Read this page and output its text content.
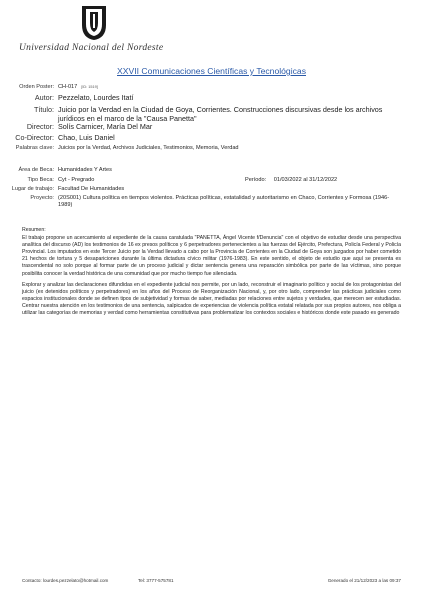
Universidad Nacional del Nordeste
XXVII Comunicaciones Científicas y Tecnológicas
Orden Poster: CH-017 [ID: 1519]
Autor: Pezzelato, Lourdes Itatí
Título: Juicio por la Verdad en la Ciudad de Goya, Corrientes. Construcciones discursivas desde los archivos jurídicos en el marco de la "Causa Panetta"
Director: Solís Carnicer, María Del Mar
Co-Director: Chao, Luis Daniel
Palabras clave: Juicios por la Verdad, Archivos Judiciales, Testimonios, Memoria, Verdad
Área de Beca: Humanidades Y Artes
Tipo Beca: Cyt - Pregrado	Período: 01/03/2022 al 31/12/2022
Lugar de trabajo: Facultad De Humanidades
Proyecto: (20S001) Cultura política en tiempos violentos. Prácticas políticas, estatalidad y autoritarismo en Chaco, Corrientes y Formosa (1946-1989)

Resumen:

El trabajo propone un acercamiento al expediente de la causa caratulada "PANETTA, Ángel Vicente f/Denuncia" con el objetivo de estudiar desde una perspectiva analítica del discurso (AD) los testimonios de 16 ex presos políticos y 6 perpetradores pertenecientes a las fuerzas del Ejército, Prefectura, Policía Federal y Policía Provincial. Los imputados en este Tercer Juicio por la Verdad llevado a cabo por la Provincia de Corrientes en la Ciudad de Goya son juzgados por haber cometido 21 hechos de tortura y 5 desapariciones durante la última dictadura cívico militar (1976-1983). En este sentido, el objeto de estudio que aquí se presenta es trascendental no solo porque al formar parte de un proceso judicial y dictar sentencia genera una reparación simbólica por parte de las víctimas, sino porque posibilita conocer la verdad histórica de una comunidad que por mucho tiempo fue silenciada.

Explorar y analizar las declaraciones difundidas en el expediente judicial nos permite, por un lado, reconstruir el imaginario político y social de los protagonistas del juicio (ex detenidos políticos y perpetradores) en los años del Proceso de Reorganización Nacional, y, por otro lado, comprender las prácticas judiciales como espacios institucionales donde se definen tipos de subjetividad y formas de saber, mediadas por relaciones entre sujetos y verdades, que merecen ser estudiadas. Centrar nuestra atención en los testimonios de una sentencia, salpicados de experiencias de violencia política estatal relatada por sus propios autores, nos obliga a utilizar las categorías de memorias y verdad como herramientas constitutivas para problematizar los contextos sociales e históricos donde este pasado es generado

Contacto: lourdes.pezzelato@hotmail.com	Tel: 3777-575781	Generado el 21/12/2023 a las 09:37
